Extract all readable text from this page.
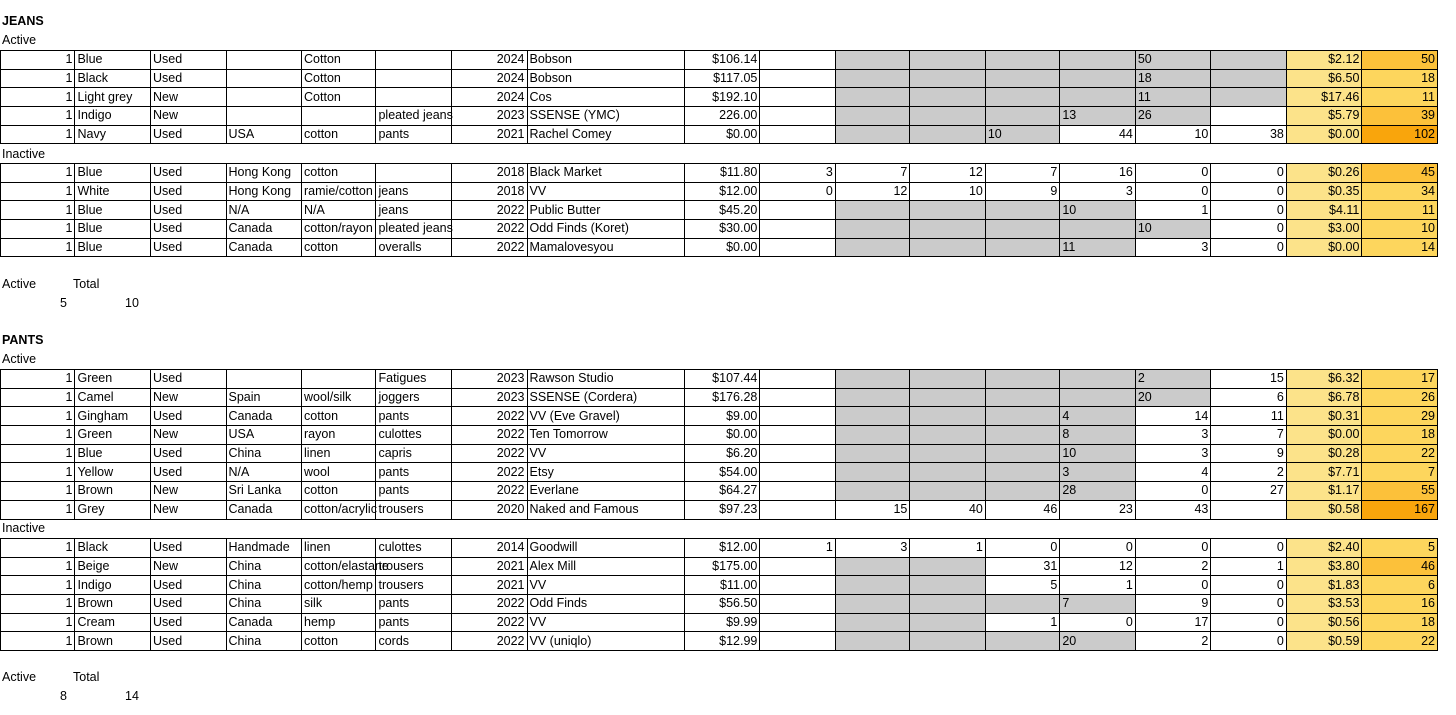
JEANS
Active
1	Blue	Used		Cotton		2024	Bobson	$106.14						50		$2.12	50
1	Black	Used		Cotton		2024	Bobson	$117.05						18		$6.50	18
1	Light grey	New		Cotton		2024	Cos	$192.10						11		$17.46	11
1	Indigo	New			pleated jeans	2023	SSENSE (YMC)	226.00					13	26		$5.79	39
1	Navy	Used	USA	cotton	pants	2021	Rachel Comey	$0.00				10	44	10	38	$0.00	102
Inactive
1	Blue	Used	Hong Kong	cotton		2018	Black Market	$11.80	3	7	12	7	16	0	0	$0.26	45
1	White	Used	Hong Kong	ramie/cotton	jeans	2018	VV	$12.00	0	12	10	9	3	0	0	$0.35	34
1	Blue	Used	N/A	N/A	jeans	2022	Public Butter	$45.20					10	1	0	$4.11	11
1	Blue	Used	Canada	cotton/rayon	pleated jeans	2022	Odd Finds (Koret)	$30.00						10	0	$3.00	10
1	Blue	Used	Canada	cotton	overalls	2022	Mamalovesyou	$0.00					11	3	0	$0.00	14
Active	Total
5	10
PANTS
Active
1	Green	Used			Fatigues	2023	Rawson Studio	$107.44						2	15	$6.32	17
1	Camel	New	Spain	wool/silk	joggers	2023	SSENSE (Cordera)	$176.28						20	6	$6.78	26
1	Gingham	Used	Canada	cotton	pants	2022	VV (Eve Gravel)	$9.00					4	14	11	$0.31	29
1	Green	New	USA	rayon	culottes	2022	Ten Tomorrow	$0.00					8	3	7	$0.00	18
1	Blue	Used	China	linen	capris	2022	VV	$6.20					10	3	9	$0.28	22
1	Yellow	Used	N/A	wool	pants	2022	Etsy	$54.00					3	4	2	$7.71	7
1	Brown	New	Sri Lanka	cotton	pants	2022	Everlane	$64.27					28	0	27	$1.17	55
1	Grey	New	Canada	cotton/acrylic	trousers	2020	Naked and Famous	$97.23		15	40	46	23	43		$0.58	167
Inactive
1	Black	Used	Handmade	linen	culottes	2014	Goodwill	$12.00	1	3	1	0	0	0	0	$2.40	5
1	Beige	New	China	cotton/elastane	trousers	2021	Alex Mill	$175.00				31	12	2	1	$3.80	46
1	Indigo	Used	China	cotton/hemp	trousers	2021	VV	$11.00				5	1	0	0	$1.83	6
1	Brown	Used	China	silk	pants	2022	Odd Finds	$56.50					7	9	0	$3.53	16
1	Cream	Used	Canada	hemp	pants	2022	VV	$9.99				1	0	17	0	$0.56	18
1	Brown	Used	China	cotton	cords	2022	VV (uniqlo)	$12.99					20	2	0	$0.59	22
Active	Total
8	14
